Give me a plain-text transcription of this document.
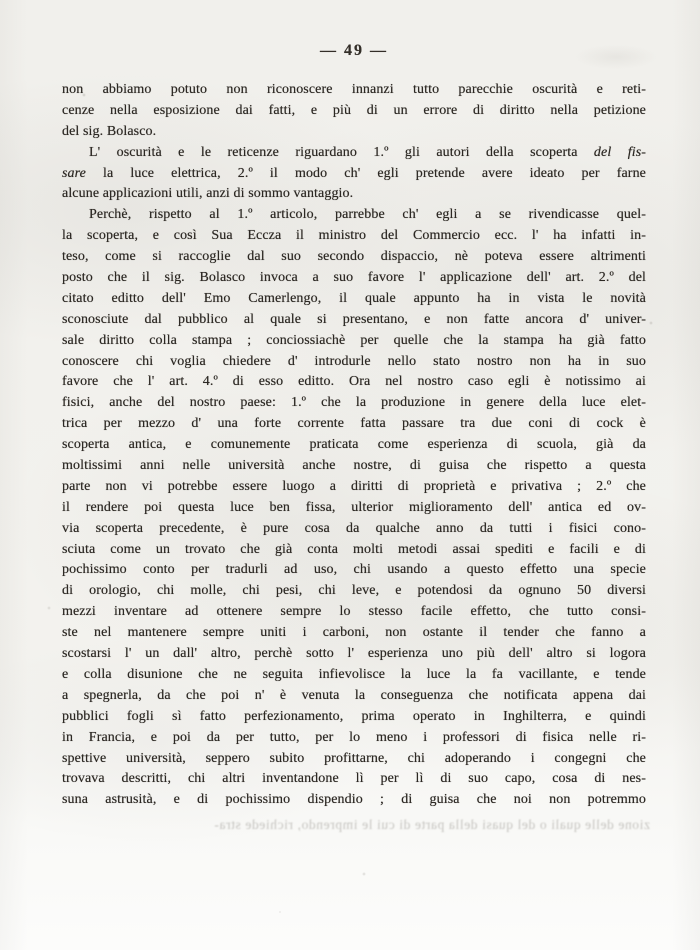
— 49 —
non abbiamo potuto non riconoscere innanzi tutto parecchie oscurità e reti-
cenze nella esposizione dai fatti, e più di un errore di diritto nella petizione
del sig. Bolasco.
L' oscurità e le reticenze riguardano 1.º gli autori della scoperta del fis-
sare la luce elettrica, 2.º il modo ch' egli pretende avere ideato per farne
alcune applicazioni utili, anzi di sommo vantaggio.
Perchè, rispetto al 1.º articolo, parrebbe ch' egli a se rivendicasse quel-
la scoperta, e così Sua Eccza il ministro del Commercio ecc. l' ha infatti in-
teso, come si raccoglie dal suo secondo dispaccio, nè poteva essere altrimenti
posto che il sig. Bolasco invoca a suo favore l' applicazione dell' art. 2.º del
citato editto dell' Emo Camerlengo, il quale appunto ha in vista le novità
sconosciute dal pubblico al quale si presentano, e non fatte ancora d' univer-
sale diritto colla stampa ; conciossiachè per quelle che la stampa ha già fatto
conoscere chi voglia chiedere d' introdurle nello stato nostro non ha in suo
favore che l' art. 4.º di esso editto. Ora nel nostro caso egli è notissimo ai
fisici, anche del nostro paese: 1.º che la produzione in genere della luce elet-
trica per mezzo d' una forte corrente fatta passare tra due coni di cock è
scoperta antica, e comunemente praticata come esperienza di scuola, già da
moltissimi anni nelle università anche nostre, di guisa che rispetto a questa
parte non vi potrebbe essere luogo a diritti di proprietà e privativa ; 2.º che
il rendere poi questa luce ben fissa, ulterior miglioramento dell' antica ed ov-
via scoperta precedente, è pure cosa da qualche anno da tutti i fisici cono-
sciuta come un trovato che già conta molti metodi assai spediti e facili e di
pochissimo conto per tradurli ad uso, chi usando a questo effetto una specie
di orologio, chi molle, chi pesi, chi leve, e potendosi da ognuno 50 diversi
mezzi inventare ad ottenere sempre lo stesso facile effetto, che tutto consi-
ste nel mantenere sempre uniti i carboni, non ostante il tender che fanno a
scostarsi l' un dall' altro, perchè sotto l' esperienza uno più dell' altro si logora
e colla disunione che ne seguita infievolisce la luce la fa vacillante, e tende
a spegnerla, da che poi n' è venuta la conseguenza che notificata appena dai
pubblici fogli sì fatto perfezionamento, prima operato in Inghilterra, e quindi
in Francia, e poi da per tutto, per lo meno i professori di fisica nelle ri-
spettive università, seppero subito profittarne, chi adoperando i congegni che
trovava descritti, chi altri inventandone lì per lì di suo capo, cosa di nes-
suna astrusità, e di pochissimo dispendio ; di guisa che noi non potremmo
zione delle quali o del quasi della parte di cui le imprendo, richiede stra-
